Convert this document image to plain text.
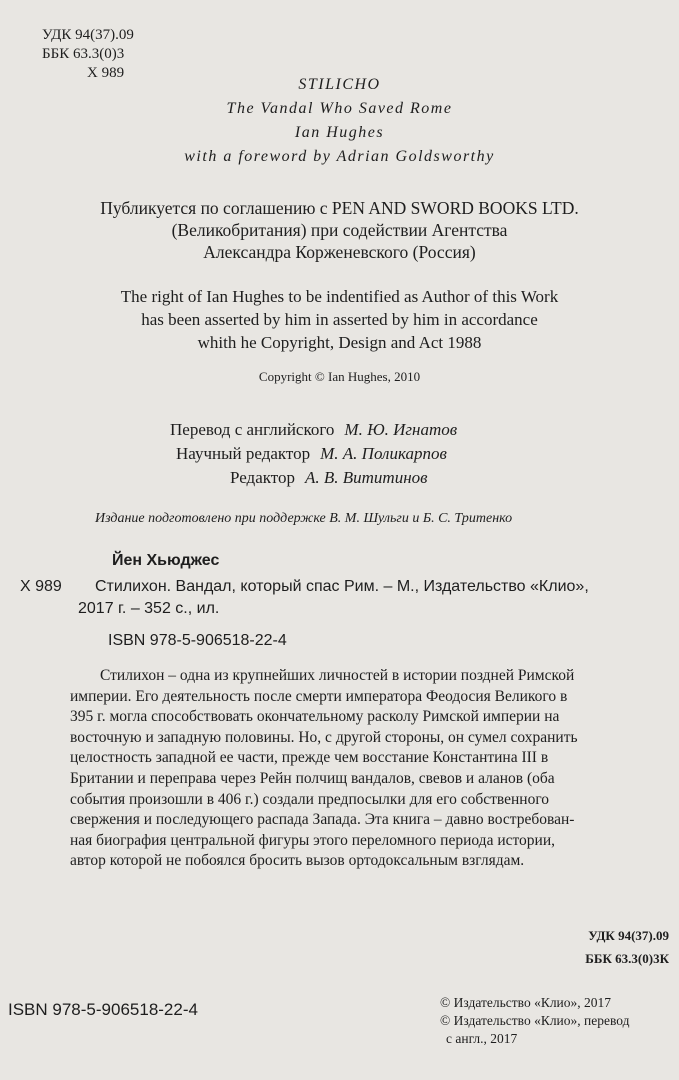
УДК 94(37).09
ББК 63.3(0)3
Х 989
STILICHO
The Vandal Who Saved Rome
Ian Hughes
with a foreword by Adrian Goldsworthy
Публикуется по соглашению с PEN AND SWORD BOOKS LTD.
(Великобритания) при содействии Агентства
Александра Корженевского (Россия)
The right of Ian Hughes to be indentified as Author of this Work
has been asserted by him in asserted by him in accordance
whith he Copyright, Design and Act 1988
Copyright © Ian Hughes, 2010
Перевод с английского М. Ю. Игнатов
Научный редактор М. А. Поликарпов
Редактор А. В. Вититинов
Издание подготовлено при поддержке В. М. Шульги и Б. С. Тритенко
Йен Хьюджес
Х 989 Стилихон. Вандал, который спас Рим. – М., Издательство «Клио»,
2017 г. – 352 с., ил.
ISBN 978-5-906518-22-4
Стилихон – одна из крупнейших личностей в истории поздней Римской
империи. Его деятельность после смерти императора Феодосия Великого в
395 г. могла способствовать окончательному расколу Римской империи на
восточную и западную половины. Но, с другой стороны, он сумел сохранить
целостность западной ее части, прежде чем восстание Константина III в
Британии и переправа через Рейн полчищ вандалов, свевов и аланов (оба
события произошли в 406 г.) создали предпосылки для его собственного
свержения и последующего распада Запада. Эта книга – давно востребован-
ная биография центральной фигуры этого переломного периода истории,
автор которой не побоялся бросить вызов ортодоксальным взглядам.
УДК 94(37).09
ББК 63.3(0)3К
ISBN 978-5-906518-22-4	© Издательство «Клио», 2017
© Издательство «Клио», перевод
с англ., 2017
